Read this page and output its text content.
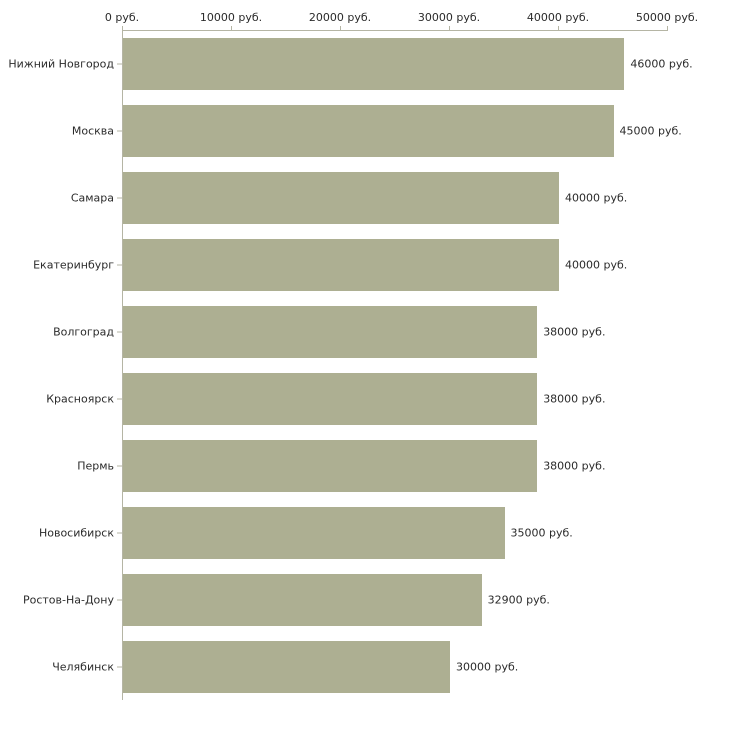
0 руб.	10000 руб.	20000 руб.	30000 руб.	40000 руб.	50000 руб.
Нижний Новгород	46000 руб.
Москва	45000 руб.
Самара	40000 руб.
Екатеринбург	40000 руб.
Волгоград	38000 руб.
Красноярск	38000 руб.
Пермь	38000 руб.
Новосибирск	35000 руб.
Ростов-На-Дону	32900 руб.
Челябинск	30000 руб.
